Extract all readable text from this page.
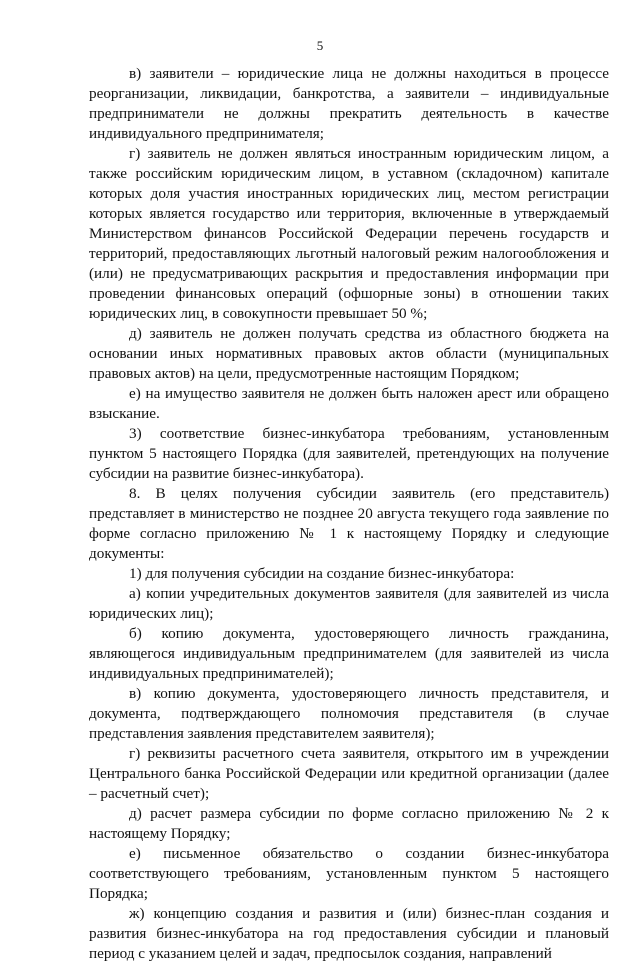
5

в) заявители – юридические лица не должны находиться в процессе реорганизации, ликвидации, банкротства, а заявители – индивидуальные предприниматели не должны прекратить деятельность в качестве индивидуального предпринимателя;

г) заявитель не должен являться иностранным юридическим лицом, а также российским юридическим лицом, в уставном (складочном) капитале которых доля участия иностранных юридических лиц, местом регистрации которых является государство или территория, включенные в утверждаемый Министерством финансов Российской Федерации перечень государств и территорий, предоставляющих льготный налоговый режим налогообложения и (или) не предусматривающих раскрытия и предоставления информации при проведении финансовых операций (офшорные зоны) в отношении таких юридических лиц, в совокупности превышает 50 %;

д) заявитель не должен получать средства из областного бюджета на основании иных нормативных правовых актов области (муниципальных правовых актов) на цели, предусмотренные настоящим Порядком;

е) на имущество заявителя не должен быть наложен арест или обращено взыскание.

3) соответствие бизнес-инкубатора требованиям, установленным пунктом 5 настоящего Порядка (для заявителей, претендующих на получение субсидии на развитие бизнес-инкубатора).

8. В целях получения субсидии заявитель (его представитель) представляет в министерство не позднее 20 августа текущего года заявление по форме согласно приложению № 1 к настоящему Порядку и следующие документы:

1) для получения субсидии на создание бизнес-инкубатора:

а) копии учредительных документов заявителя (для заявителей из числа юридических лиц);

б) копию документа, удостоверяющего личность гражданина, являющегося индивидуальным предпринимателем (для заявителей из числа индивидуальных предпринимателей);

в) копию документа, удостоверяющего личность представителя, и документа, подтверждающего полномочия представителя (в случае представления заявления представителем заявителя);

г) реквизиты расчетного счета заявителя, открытого им в учреждении Центрального банка Российской Федерации или кредитной организации (далее – расчетный счет);

д) расчет размера субсидии по форме согласно приложению № 2 к настоящему Порядку;

е) письменное обязательство о создании бизнес-инкубатора соответствующего требованиям, установленным пунктом 5 настоящего Порядка;

ж) концепцию создания и развития и (или) бизнес-план создания и развития бизнес-инкубатора на год предоставления субсидии и плановый период с указанием целей и задач, предпосылок создания, направлений
